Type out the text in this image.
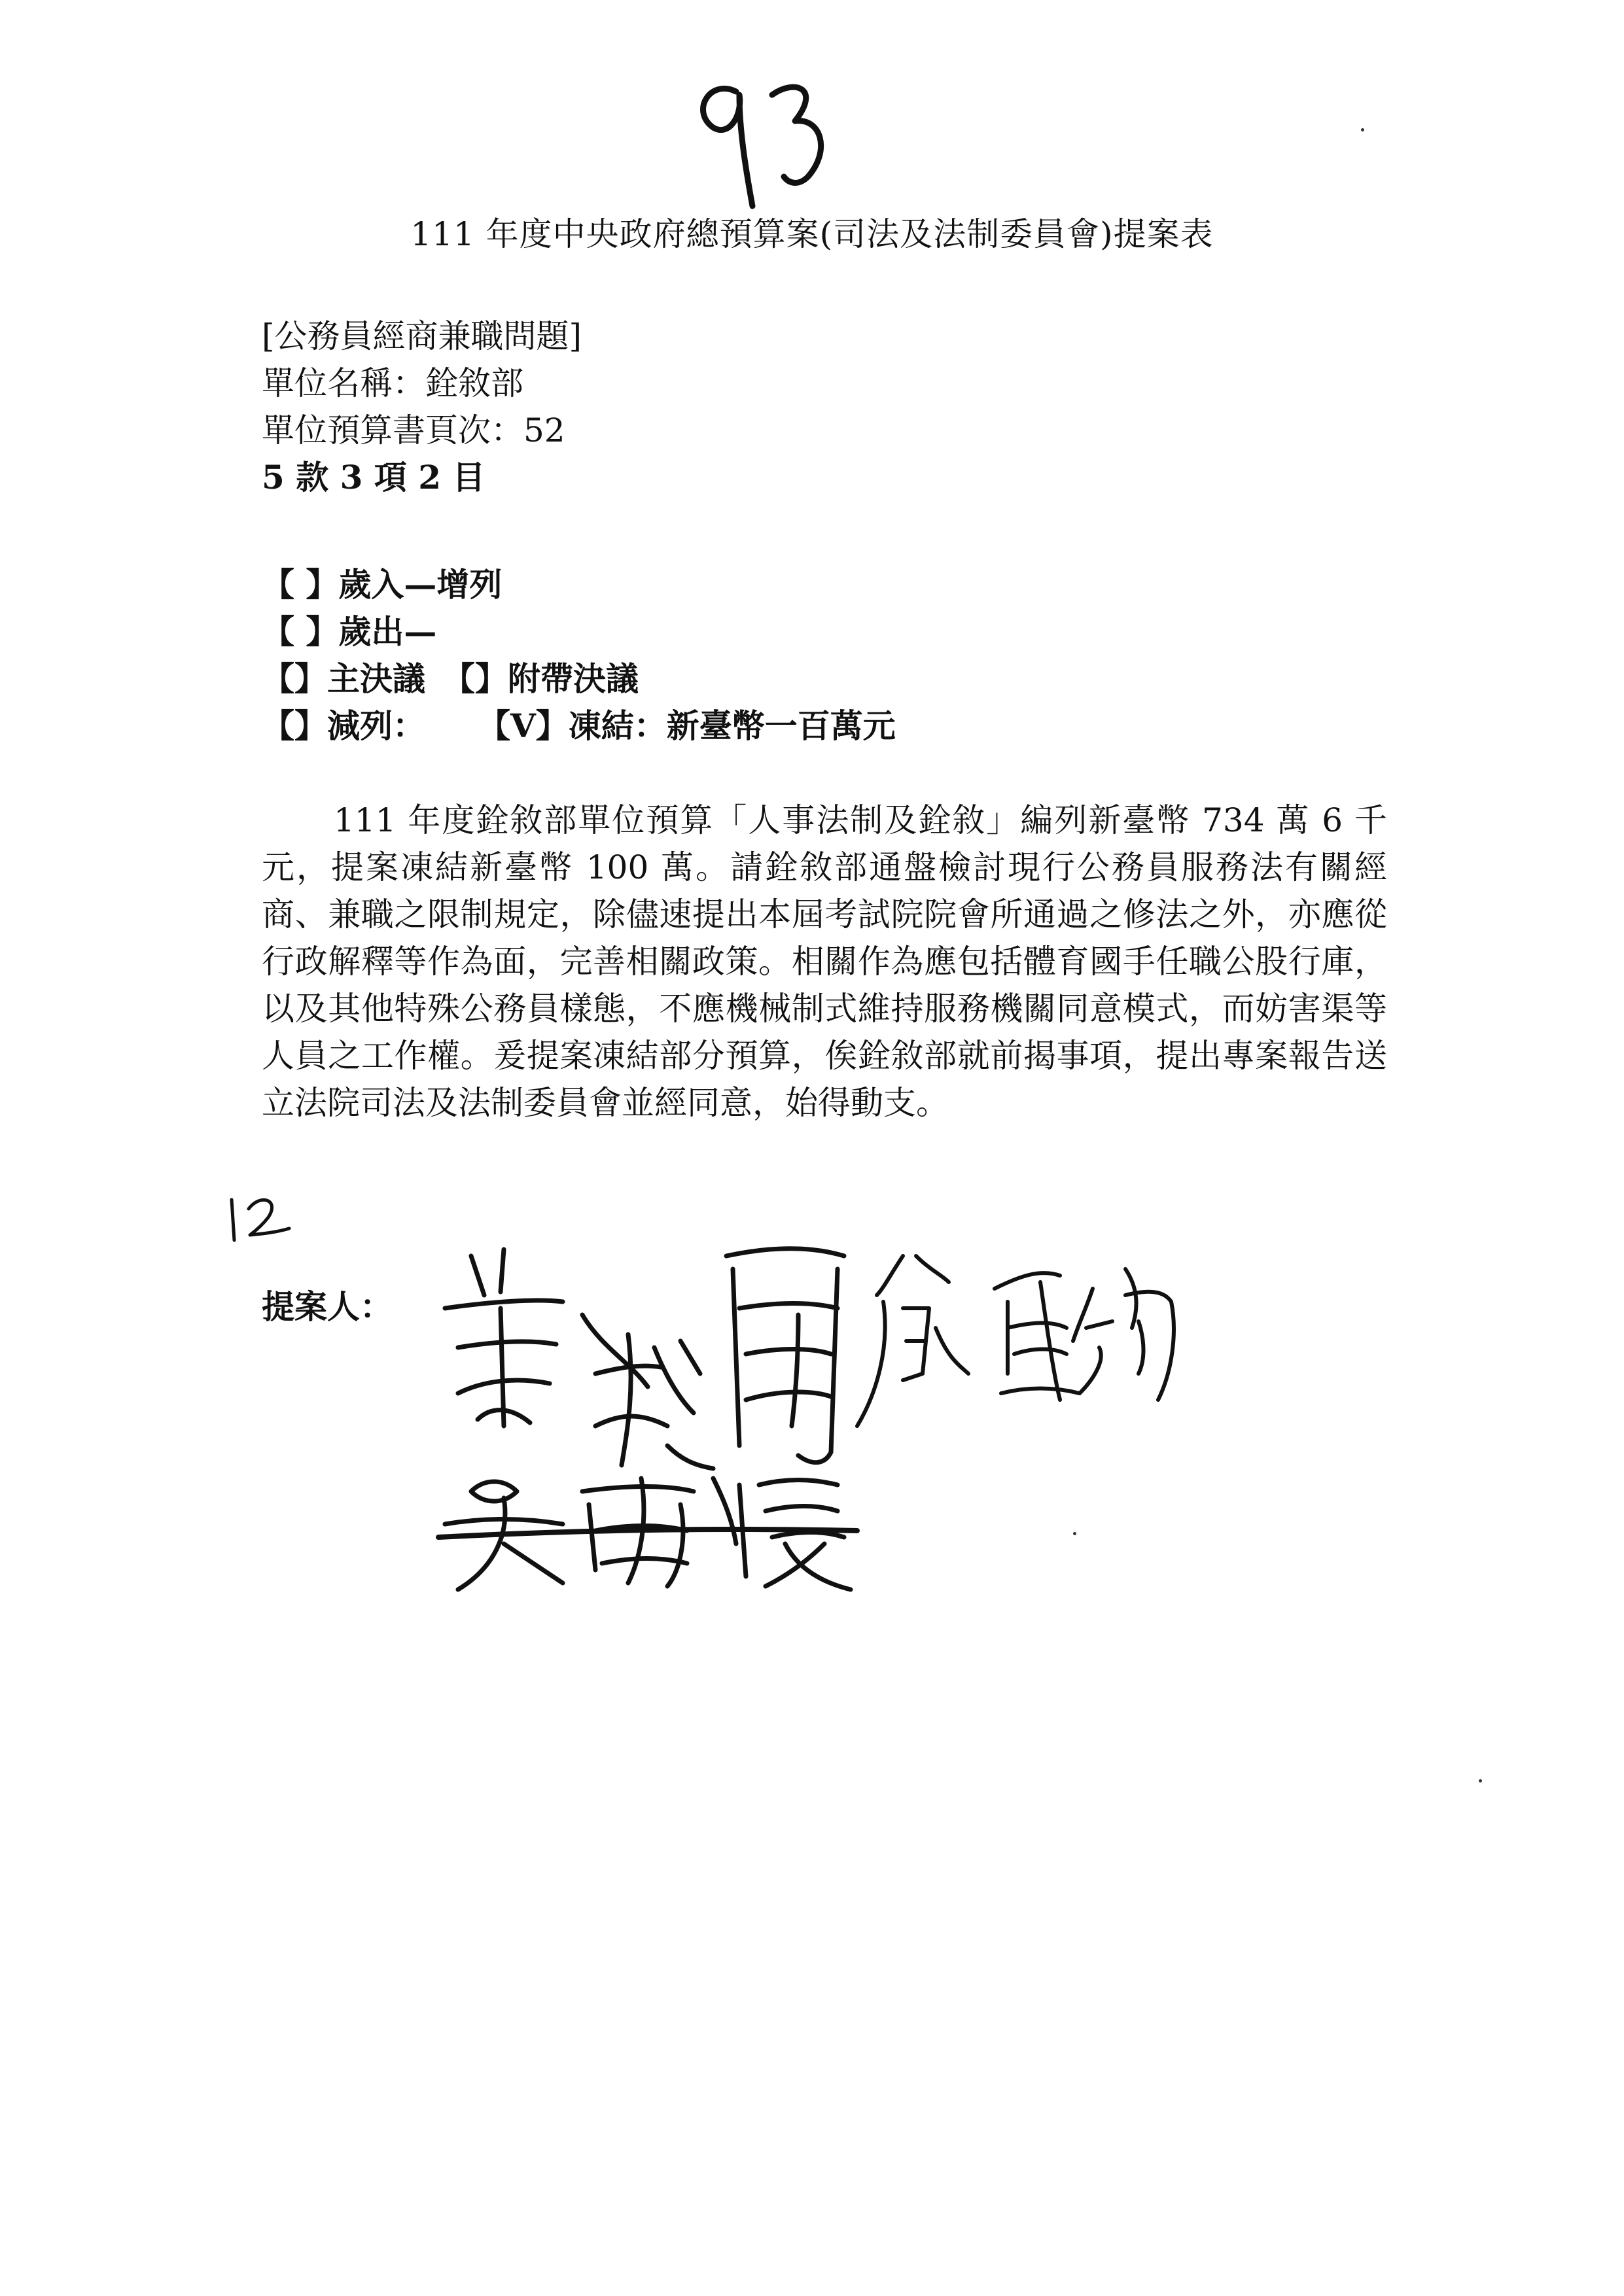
111 年度中央政府總預算案(司法及法制委員會)提案表
[公務員經商兼職問題]
單位名稱：銓敘部
單位預算書頁次：52
5 款 3 項 2 目
【 】歲入—增列
【 】歲出—
【】主決議 【】附帶決議
【】減列： 【V】凍結：新臺幣一百萬元
111 年度銓敘部單位預算「人事法制及銓敘」編列新臺幣 734 萬 6 千元，提案凍結新臺幣 100 萬。請銓敘部通盤檢討現行公務員服務法有關經商、兼職之限制規定，除儘速提出本屆考試院院會所通過之修法之外，亦應從行政解釋等作為面，完善相關政策。相關作為應包括體育國手任職公股行庫，以及其他特殊公務員樣態，不應機械制式維持服務機關同意模式，而妨害渠等人員之工作權。爰提案凍結部分預算，俟銓敘部就前揭事項，提出專案報告送立法院司法及法制委員會並經同意，始得動支。
提案人：
